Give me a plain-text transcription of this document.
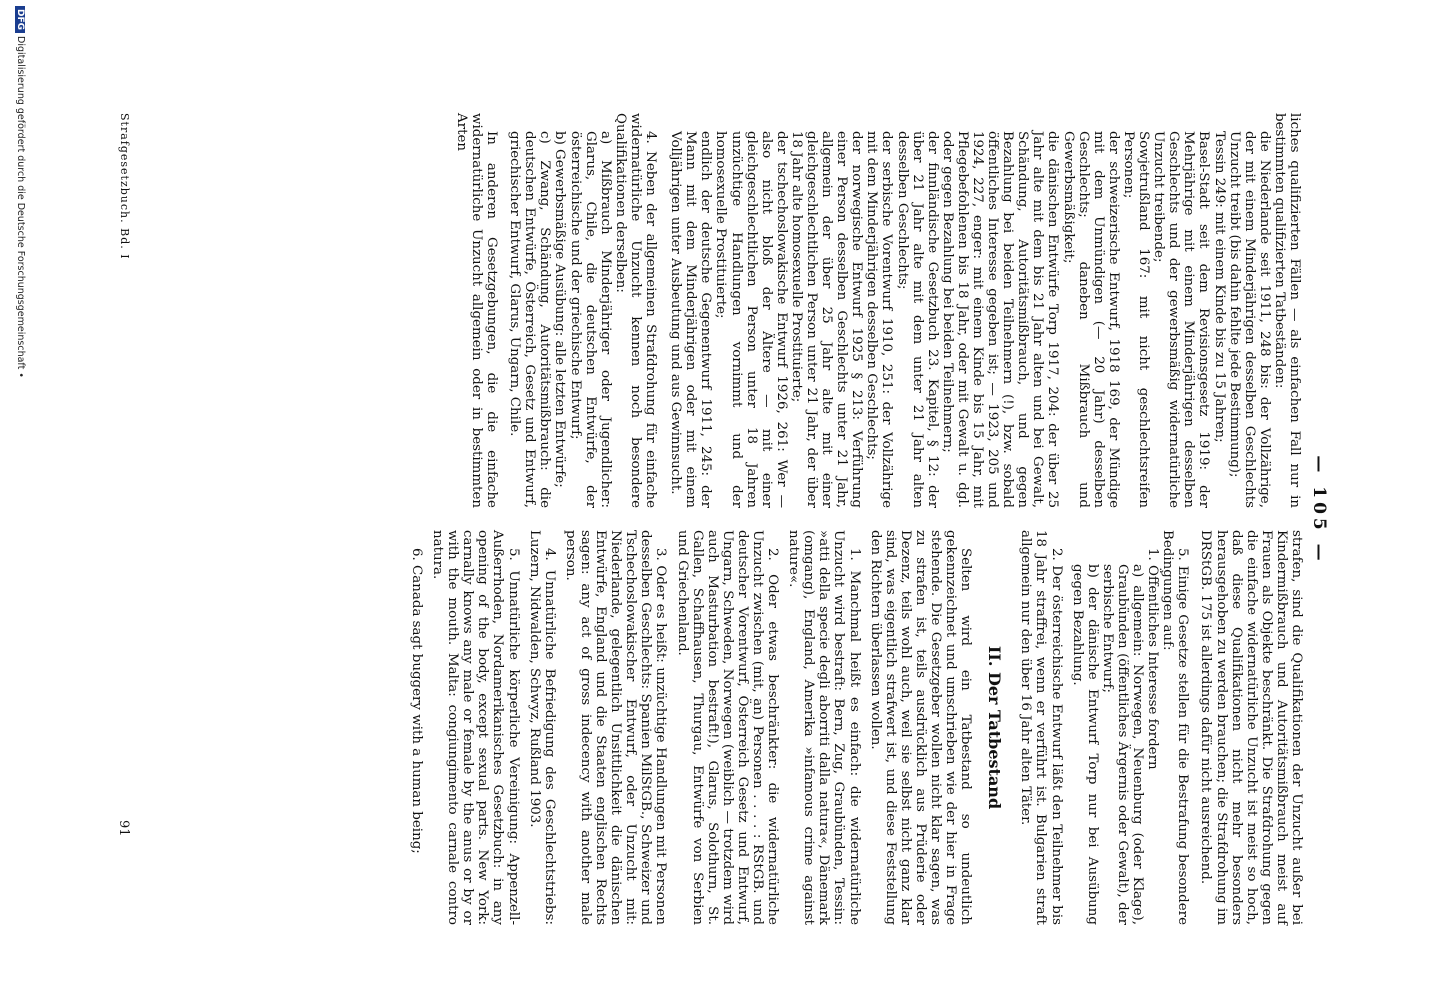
— 105 —

liches qualifizierten Fällen — als einfachen Fall nur in bestimmten qualifizierten Tatbeständen:

die Niederlande seit 1911, 248 bis: der Vollzährige, der mit einem Minderjährigen desselben Geschlechts Unzucht treibt (bis dahin fehlte jede Bestimmung);

Tessin 249: mit einem Kinde bis zu 15 Jahren;

Basel-Stadt seit dem Revisionsgesetz 1919: der Mehrjährige mit einem Minderjährigen desselben Geschlechts und der gewerbsmäßig widernatürliche Unzucht treibende;

Sowjetrußland 167: mit nicht geschlechtsreifen Personen;

der schweizerische Entwurf, 1918 169, der Mündige mit dem Unmündigen (— 20 Jahr) desselben Geschlechts; daneben Mißbrauch und Gewerbsmäßigkeit;

die dänischen Entwürfe Torp 1917, 204: der über 25 Jahr alte mit dem bis 21 Jahr alten und bei Gewalt, Schändung, Autoritätsmißbrauch, und gegen Bezahlung bei beiden Teilnehmern (!), bzw. sobald öffentliches Interesse gegeben ist; — 1923, 205 und 1924, 227, enger: mit einem Kinde bis 15 Jahr, mit Pflegebefohlenen bis 18 Jahr, oder mit Gewalt u. dgl. oder gegen Bezahlung bei beiden Teilnehmern;

der finnländische Gesetzbuch 23. Kapitel, § 12: der über 21 Jahr alte mit dem unter 21 Jahr alten desselben Geschlechts;

der serbische Vorentwurf 1910, 251: der Vollzährige mit dem Minderjährigen desselben Geschlechts;

der norwegische Entwurf 1925 § 213: Verführung einer Person desselben Geschlechts unter 21 Jahr, allgemein der über 25 Jahr alte mit einer gleichgeschlechtlichen Person unter 21 Jahr, der über 18 Jahr alte homosexuelle Prostituierte;

der tschechoslowakische Entwurf 1926, 261: Wer — also nicht bloß der Ältere — mit einer gleichgeschlechtlichen Person unter 18 Jahren unzüchtige Handlungen vornimmt und der homosexuelle Prostituierte;

endlich der deutsche Gegenentwurf 1911, 245: der Mann mit dem Minderjährigen oder mit einem Volljährigen unter Ausbeutung und aus Gewinnsucht.

4. Neben der allgemeinen Strafdrohung für einfache widernatürliche Unzucht kennen noch besondere Qualifikationen derselben:

a) Mißbrauch Minderjähriger oder Jugendlicher: Glarus, Chile, die deutschen Entwürfe, der österreichische und der griechische Entwurf;

b) Gewerbsmäßige Ausübung: alle letzten Entwürfe;

c) Zwang, Schändung, Autoritätsmißbrauch: die deutschen Entwürfe, Österreich, Gesetz und Entwurf, griechischer Entwurf, Glarus, Ungarn, Chile.

In anderen Gesetzgebungen, die die einfache widernatürliche Unzucht allgemein oder in bestimmten Arten

strafen, sind die Qualifikationen der Unzucht außer bei Kindermißbrauch und Autoritätsmißbrauch meist auf Frauen als Objekte beschränkt. Die Strafdrohung gegen die einfache widernatürliche Unzucht ist meist so hoch, daß diese Qualifikationen nicht mehr besonders herausgehoben zu werden brauchen; die Strafdrohung im DRStGB. 175 ist allerdings dafür nicht ausreichend.

5. Einige Gesetze stellen für die Bestrafung besondere Bedingungen auf:

1. Öffentliches Interesse fordern

a) allgemein: Norwegen, Neuenburg (oder Klage), Graubünden (öffentliches Ärgernis oder Gewalt), der serbische Entwurf;

b) der dänische Entwurf Torp nur bei Ausübung gegen Bezahlung.

2. Der österreichische Entwurf läßt den Teilnehmer bis 18 Jahr straffrei, wenn er verführt ist. Bulgarien straft allgemein nur den über 16 Jahr alten Täter.

II. Der Tatbestand

Selten wird ein Tatbestand so undeutlich gekennzeichnet und umschrieben wie der hier in Frage stehende. Die Gesetzgeber wollen nicht klar sagen, was zu strafen ist, teils ausdrücklich aus Prüderie oder Dezenz, teils wohl auch, weil sie selbst nicht ganz klar sind, was eigentlich strafwert ist, und diese Feststellung den Richtern überlassen wollen.

1. Manchmal heißt es einfach: die widernatürliche Unzucht wird bestraft: Bern, Zug, Graubünden, Tessin: »atti della specie degli aborriti dalla natura«, Dänemark (omgang), England, Amerika »infamous crime against nature«.

2. Oder etwas beschränkter: die widernatürliche Unzucht zwischen (mit, an) Personen . . . . : RStGB. und deutscher Vorentwurf, Österreich Gesetz und Entwurf, Ungarn, Schweden, Norwegen (weiblich — trotzdem wird auch Masturbation bestraft!), Glarus, Solothurn, St. Gallen, Schaffhausen, Thurgau, Entwürfe von Serbien und Griechenland.

3. Oder es heißt: unzüchtige Handlungen mit Personen desselben Geschlechts: Spanien MilStGB., Schweizer und Tschechoslowakischer Entwurf, oder Unzucht mit: Niederlande, gelegentlich Unsittlichkeit die dänischen Entwürfe, England und die Staaten englischen Rechts sagen: any act of gross indecency with another male person.

4. Unnatürliche Befriedigung des Geschlechtstriebs: Luzern, Nidwalden, Schwyz, Rußland 1903.

5. Unnatürliche körperliche Vereinigung: Appenzell-Außerrhoden, Nordamerikanisches Gesetzbuch: in any opening of the body, except sexual parts. New York: carnally knows any male or female by the anus or by or with the mouth. Malta: congiungimento carnale contro natura.

6. Canada sagt buggery with a human being;

Strafgesetzbuch. Bd. I
91
DFGDigitalisierung gefördert durch die Deutsche Forschungsgemeinschaft •
